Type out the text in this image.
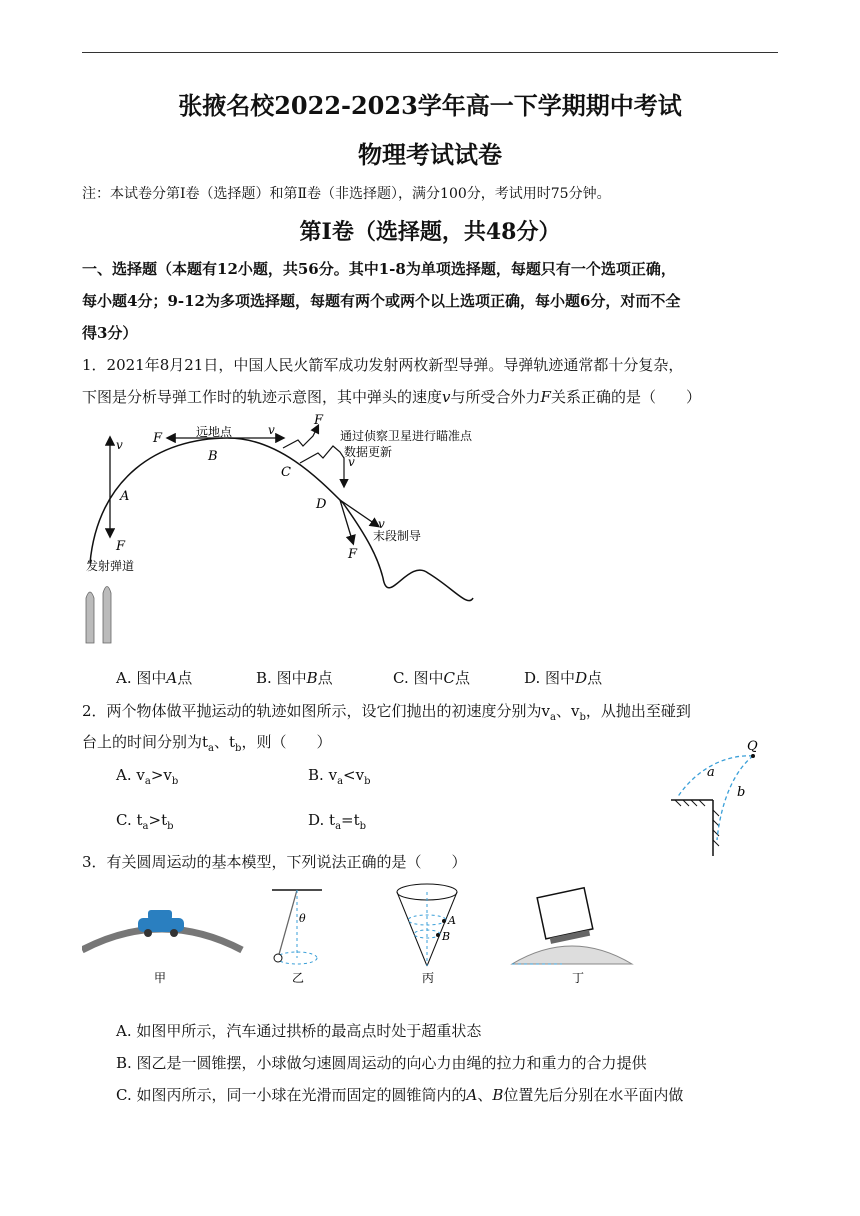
张掖名校2022-2023学年高一下学期期中考试
物理考试试卷
注：本试卷分第Ⅰ卷（选择题）和第Ⅱ卷（非选择题），满分100分，考试用时75分钟。
第Ⅰ卷（选择题，共48分）
一、选择题（本题有12小题，共56分。其中1-8为单项选择题，每题只有一个选项正确，
每小题4分；9-12为多项选择题，每题有两个或两个以上选项正确，每小题6分，对而不全
得3分）
1．2021年8月21日，中国人民火箭军成功发射两枚新型导弹。导弹轨迹通常都十分复杂，
下图是分析导弹工作时的轨迹示意图，其中弹头的速度v与所受合外力F关系正确的是（　　）
v
F
A
F
v
远地点
B
F
v
C
通过侦察卫星进行瞄准点
数据更新
D
v
F
末段制导
发射弹道
A. 图中A点	B. 图中B点	C. 图中C点	D. 图中D点
2．两个物体做平抛运动的轨迹如图所示，设它们抛出的初速度分别为$v_a$、$v_b$，从抛出至碰到
台上的时间分别为$t_a$、$t_b$，则（　　）
A. $v_a>v_b$	B. $v_a<v_b$
C. $t_a>t_b$	D. $t_a=t_b$
Q
a
b
3．有关圆周运动的基本模型，下列说法正确的是（　　）
甲
θ
乙
A
B
丙	丁
A. 如图甲所示，汽车通过拱桥的最高点时处于超重状态
B. 图乙是一圆锥摆，小球做匀速圆周运动的向心力由绳的拉力和重力的合力提供
C. 如图丙所示，同一小球在光滑而固定的圆锥筒内的A、B位置先后分别在水平面内做
